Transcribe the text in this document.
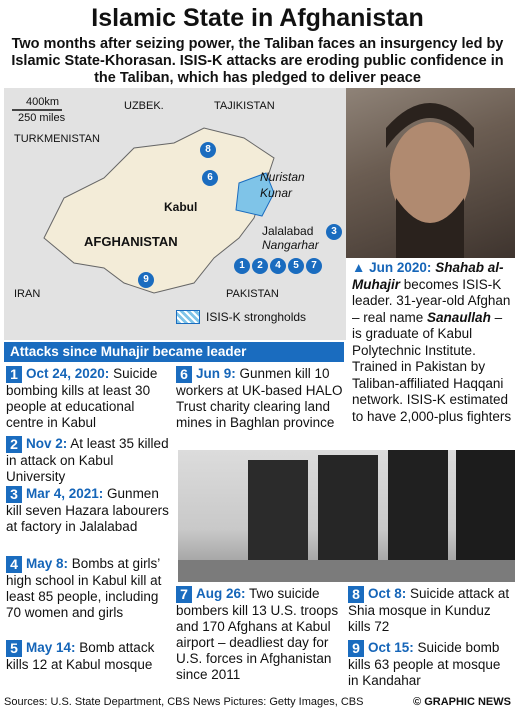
Islamic State in Afghanistan
Two months after seizing power, the Taliban faces an insurgency led by Islamic State-Khorasan. ISIS-K attacks are eroding public confidence in the Taliban, which has pledged to deliver peace
400km
250 miles
UZBEK.	TAJIKISTAN
TURKMENISTAN
AFGHANISTAN
IRAN	PAKISTAN
Kabul
Nuristan
Kunar
Jalalabad
Nangarhar
8
6
3
9
1	2	4	5	7
ISIS-K strongholds
▲ Jun 2020: Shahab al-Muhajir becomes ISIS-K leader. 31-year-old Afghan – real name Sanaullah – is graduate of Kabul Polytechnic Institute. Trained in Pakistan by Taliban-affiliated Haqqani network. ISIS-K estimated to have 2,000-plus fighters
Attacks since Muhajir became leader
1 Oct 24, 2020: Suicide bombing kills at least 30 people at educational centre in Kabul
2 Nov 2: At least 35 killed in attack on Kabul University
3 Mar 4, 2021: Gunmen kill seven Hazara labourers at factory in Jalalabad
4 May 8: Bombs at girls’ high school in Kabul kill at least 85 people, including 70 women and girls
5 May 14: Bomb attack kills 12 at Kabul mosque
6 Jun 9: Gunmen kill 10 workers at UK-based HALO Trust charity clearing land mines in Baghlan province
7 Aug 26: Two suicide bombers kill 13 U.S. troops and 170 Afghans at Kabul airport – deadliest day for U.S. forces in Afghanistan since 2011
8 Oct 8: Suicide attack at Shia mosque in Kunduz kills 72
9 Oct 15: Suicide bomb kills 63 people at mosque in Kandahar
Sources: U.S. State Department, CBS News Pictures: Getty Images, CBS	© GRAPHIC NEWS
